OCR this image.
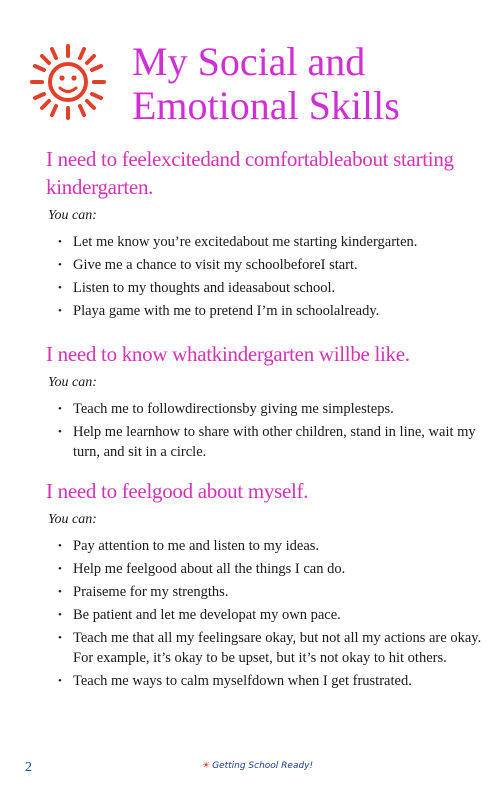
My Social and
Emotional Skills
I need to feelexcitedand comfortableabout starting kindergarten.
You can:
• Let me know you’re excitedabout me starting kindergarten.
• Give me a chance to visit my schoolbeforeI start.
• Listen to my thoughts and ideasabout school.
• Playa game with me to pretend I’m in schoolalready.
I need to know whatkindergarten willbe like.
You can:
• Teach me to followdirectionsby giving me simplesteps.
• Help me learnhow to share with other children, stand in line, wait my turn, and sit in a circle.
I need to feelgood about myself.
You can:
• Pay attention to me and listen to my ideas.
• Help me feelgood about all the things I can do.
• Praiseme for my strengths.
• Be patient and let me developat my own pace.
• Teach me that all my feelingsare okay, but not all my actions are okay. For example, it’s okay to be upset, but it’s not okay to hit others.
• Teach me ways to calm myselfdown when I get frustrated.
2	☀ Getting School Ready!
